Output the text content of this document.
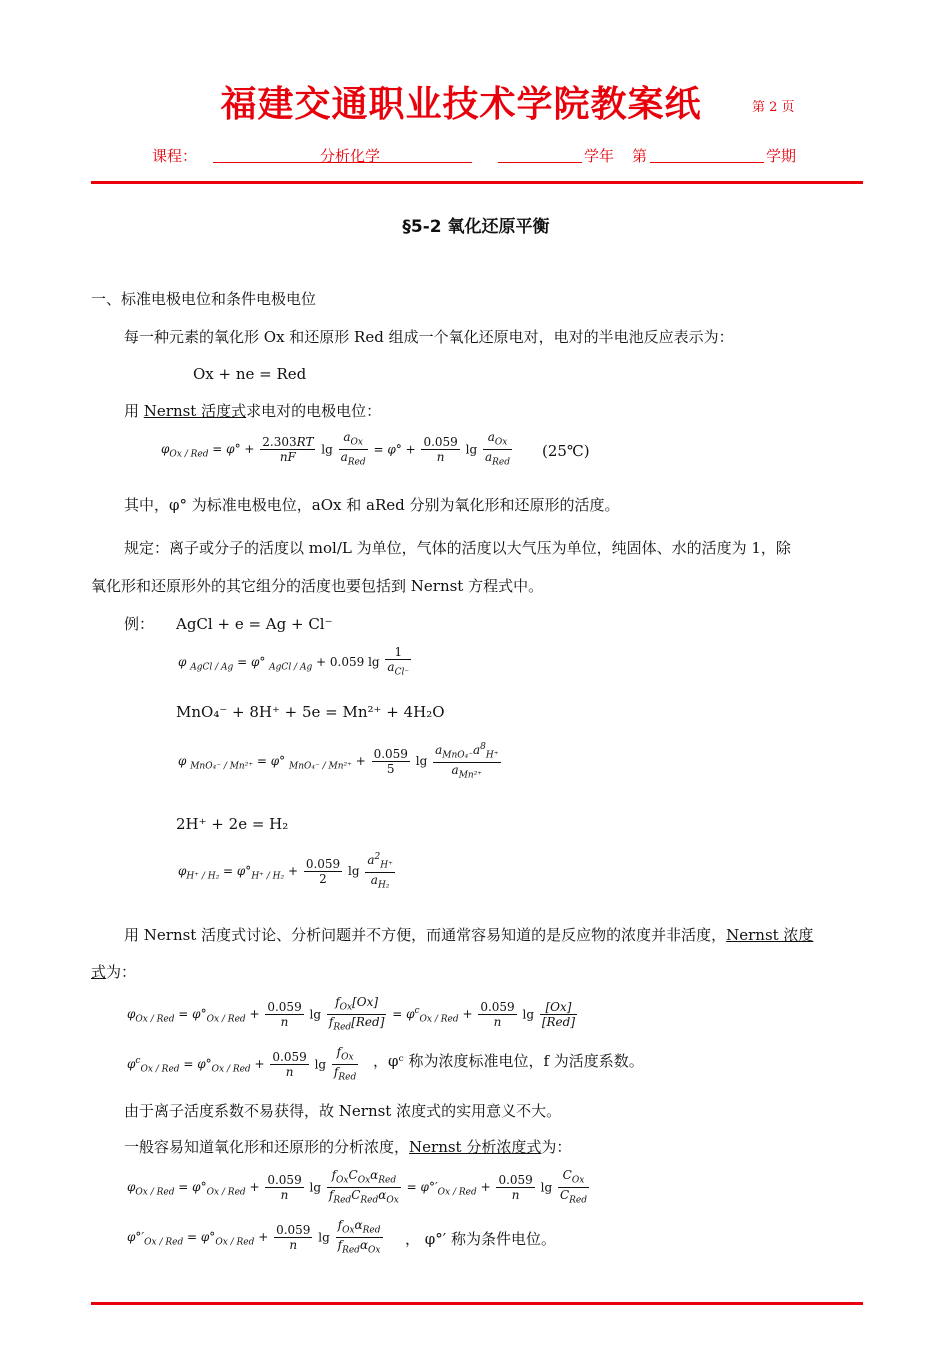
福建交通职业技术学院教案纸	第 2 页
课程：	分析化学	学年 第	学期
§5-2 氧化还原平衡
一、标准电极电位和条件电极电位
每一种元素的氧化形 Ox 和还原形 Red 组成一个氧化还原电对，电对的半电池反应表示为：
Ox + ne = Red
用 Nernst 活度式求电对的电极电位：
$\varphi_{Ox / Red} = \varphi^\circ + \frac{2.303RT}{nF}$ lg
$a_{Ox}$
$a_{Red}$
= $\varphi^\circ + \frac{0.059}{n}$ lg
$a_{Ox}$
$a_{Red}$
(25℃)
其中，φ° 为标准电极电位，aOx 和 aRed 分别为氧化形和还原形的活度。
规定：离子或分子的活度以 mol/L 为单位，气体的活度以大气压为单位，纯固体、水的活度为 1，除
氧化形和还原形外的其它组分的活度也要包括到 Nernst 方程式中。
例： AgCl + e = Ag + Cl⁻
φ $_{AgCl / Ag}$ = φ° $_{AgCl / Ag}$ + 0.059 lg
1
$a_{Cl^-}$
MnO₄⁻ + 8H⁺ + 5e = Mn²⁺ + 4H₂O
φ $_{MnO_4^- / Mn^{2+}}$ = φ° $_{MnO_4^- / Mn^{2+}} + \frac{0.059}{5}$ lg
$a_{MnO_4^-}a^8_{H^+}$
$a_{Mn^{2+}}$
2H⁺ + 2e = H₂
$\varphi_{H^+ / H_2} = \varphi^\circ_{H^+ / H_2} + \frac{0.059}{2}$ $\lg \frac{a^2_{H^+}}{a_{H_2}}$
用 Nernst 活度式讨论、分析问题并不方便，而通常容易知道的是反应物的浓度并非活度，Nernst 浓度
式为：
$\varphi_{Ox / Red} = \varphi^\circ_{Ox / Red} + \frac{0.059}{n}$ lg
$f_{Ox}[Ox]$
$f_{Red}[Red]$
= $\varphi^c_{Ox / Red} + \frac{0.059}{n}$ lg [Ox]
[Red]
$\varphi^c_{Ox / Red} = \varphi^\circ_{Ox / Red} + \frac{0.059}{n}$ lg
$f_{Ox}$
$f_{Red}$
，φᶜ 称为浓度标准电位，f 为活度系数。
由于离子活度系数不易获得，故 Nernst 浓度式的实用意义不大。
一般容易知道氧化形和还原形的分析浓度，Nernst 分析浓度式为：
$\varphi_{Ox / Red} = \varphi^\circ_{Ox / Red} + \frac{0.059}{n}$ lg
$f_{Ox}C_{Ox}\alpha_{Red}$
$f_{Red}C_{Red}\alpha_{Ox}$
= $\varphi^\circ'_{Ox / Red} + \frac{0.059}{n}$ lg
$C_{Ox}$
$C_{Red}$
$\varphi^\circ'_{Ox / Red} = \varphi^\circ_{Ox / Red} + \frac{0.059}{n}$ lg
$f_{Ox}\alpha_{Red}$
$f_{Red}\alpha_{Ox}$
， φ°′ 称为条件电位。
